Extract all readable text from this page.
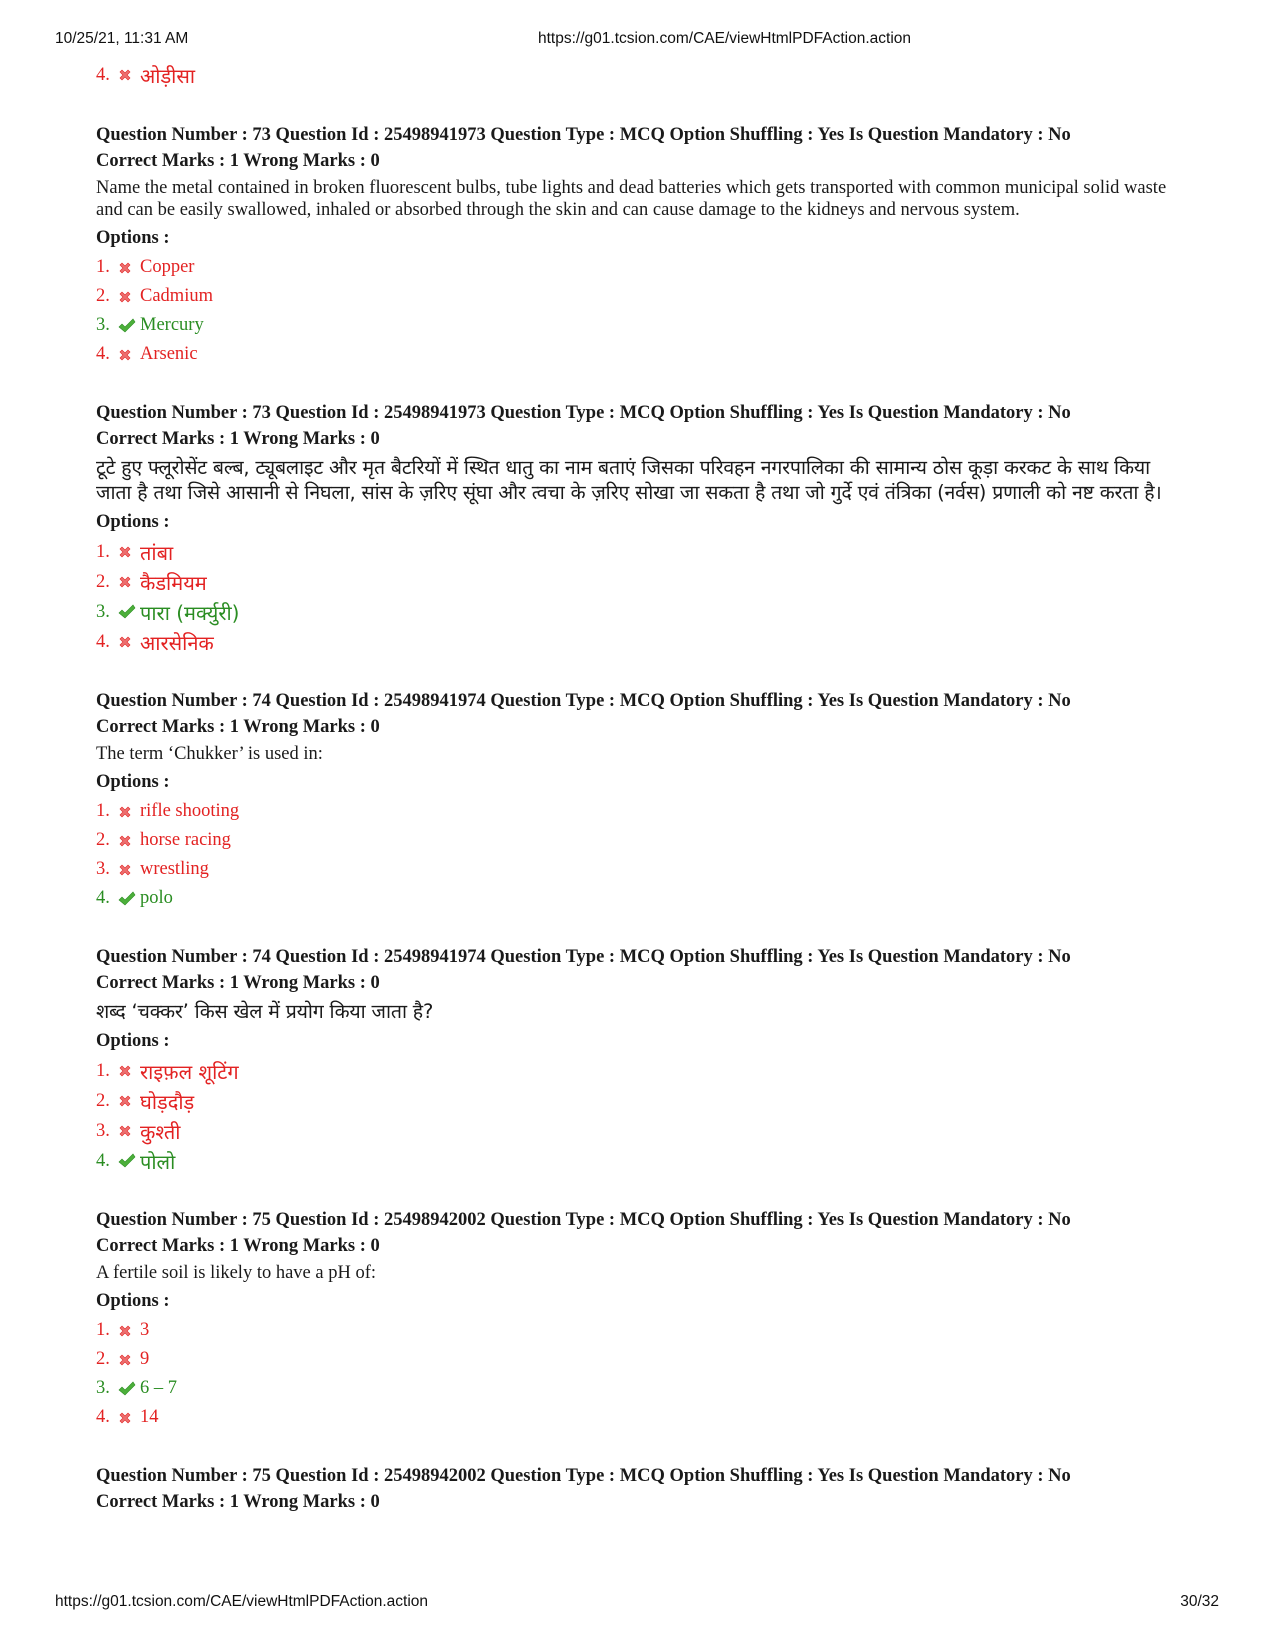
10/25/21, 11:31 AM	https://g01.tcsion.com/CAE/viewHtmlPDFAction.action
4.	ओड़ीसा

Question Number : 73 Question Id : 25498941973 Question Type : MCQ Option Shuffling : Yes Is Question Mandatory : No

Correct Marks : 1 Wrong Marks : 0

Name the metal contained in broken fluorescent bulbs, tube lights and dead batteries which gets transported with common municipal solid waste and can be easily swallowed, inhaled or absorbed through the skin and can cause damage to the kidneys and nervous system.

Options :

1.	Copper
2.	Cadmium
3.	Mercury
4.	Arsenic

Question Number : 73 Question Id : 25498941973 Question Type : MCQ Option Shuffling : Yes Is Question Mandatory : No

Correct Marks : 1 Wrong Marks : 0

टूटे हुए फ्लूरोसेंट बल्ब, ट्यूबलाइट और मृत बैटरियों में स्थित धातु का नाम बताएं जिसका परिवहन नगरपालिका की सामान्य ठोस कूड़ा करकट के साथ किया जाता है तथा जिसे आसानी से निघला, सांस के ज़रिए सूंघा और त्वचा के ज़रिए सोखा जा सकता है तथा जो गुर्दे एवं तंत्रिका (नर्वस) प्रणाली को नष्ट करता है।

Options :

1.	तांबा
2.	कैडमियम
3.	पारा (मर्क्युरी)
4.	आरसेनिक

Question Number : 74 Question Id : 25498941974 Question Type : MCQ Option Shuffling : Yes Is Question Mandatory : No

Correct Marks : 1 Wrong Marks : 0

The term ‘Chukker’ is used in:

Options :

1.	rifle shooting
2.	horse racing
3.	wrestling
4.	polo

Question Number : 74 Question Id : 25498941974 Question Type : MCQ Option Shuffling : Yes Is Question Mandatory : No

Correct Marks : 1 Wrong Marks : 0

शब्द ‘चक्कर’ किस खेल में प्रयोग किया जाता है?

Options :

1.	राइफ़ल शूटिंग
2.	घोड़दौड़
3.	कुश्ती
4.	पोलो

Question Number : 75 Question Id : 25498942002 Question Type : MCQ Option Shuffling : Yes Is Question Mandatory : No

Correct Marks : 1 Wrong Marks : 0

A fertile soil is likely to have a pH of:

Options :

1.	3
2.	9
3.	6 – 7
4.	14

Question Number : 75 Question Id : 25498942002 Question Type : MCQ Option Shuffling : Yes Is Question Mandatory : No

Correct Marks : 1 Wrong Marks : 0

https://g01.tcsion.com/CAE/viewHtmlPDFAction.action	30/32
